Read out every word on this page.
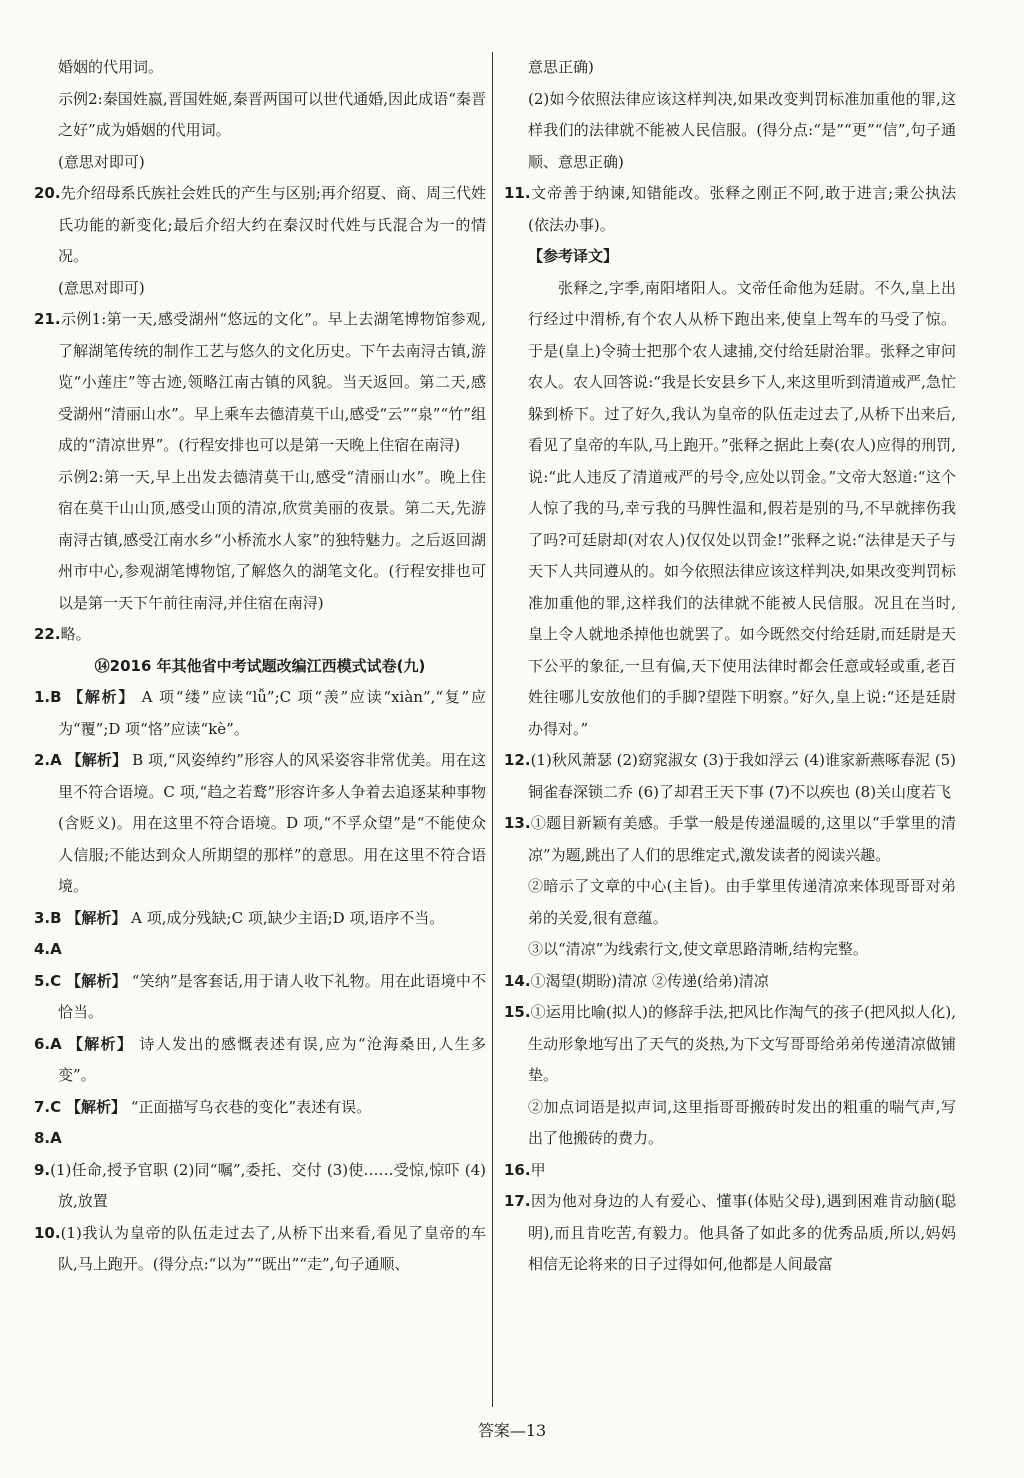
婚姻的代用词。

示例2:秦国姓嬴,晋国姓姬,秦晋两国可以世代通婚,因此成语“秦晋之好”成为婚姻的代用词。

(意思对即可)

20.先介绍母系氏族社会姓氏的产生与区别;再介绍夏、商、周三代姓氏功能的新变化;最后介绍大约在秦汉时代姓与氏混合为一的情况。

(意思对即可)

21.示例1:第一天,感受湖州“悠远的文化”。早上去湖笔博物馆参观,了解湖笔传统的制作工艺与悠久的文化历史。下午去南浔古镇,游览“小莲庄”等古迹,领略江南古镇的风貌。当天返回。第二天,感受湖州“清丽山水”。早上乘车去德清莫干山,感受“云”“泉”“竹”组成的“清凉世界”。(行程安排也可以是第一天晚上住宿在南浔)

示例2:第一天,早上出发去德清莫干山,感受“清丽山水”。晚上住宿在莫干山山顶,感受山顶的清凉,欣赏美丽的夜景。第二天,先游南浔古镇,感受江南水乡“小桥流水人家”的独特魅力。之后返回湖州市中心,参观湖笔博物馆,了解悠久的湖笔文化。(行程安排也可以是第一天下午前往南浔,并住宿在南浔)

22.略。

⑭2016 年其他省中考试题改编江西模式试卷(九)

1.B 【解析】 A 项“缕”应读“lǚ”;C 项“羡”应读“xiàn”,“复”应为“覆”;D 项“恪”应读“kè”。

2.A 【解析】 B 项,“风姿绰约”形容人的风采姿容非常优美。用在这里不符合语境。C 项,“趋之若鹜”形容许多人争着去追逐某种事物(含贬义)。用在这里不符合语境。D 项,“不孚众望”是“不能使众人信服;不能达到众人所期望的那样”的意思。用在这里不符合语境。

3.B 【解析】 A 项,成分残缺;C 项,缺少主语;D 项,语序不当。

4.A

5.C 【解析】 “笑纳”是客套话,用于请人收下礼物。用在此语境中不恰当。

6.A 【解析】 诗人发出的感慨表述有误,应为“沧海桑田,人生多变”。

7.C 【解析】 “正面描写乌衣巷的变化”表述有误。

8.A

9.(1)任命,授予官职 (2)同“嘱”,委托、交付 (3)使……受惊,惊吓 (4)放,放置

10.(1)我认为皇帝的队伍走过去了,从桥下出来看,看见了皇帝的车队,马上跑开。(得分点:“以为”“既出”“走”,句子通顺、

意思正确)

(2)如今依照法律应该这样判决,如果改变判罚标准加重他的罪,这样我们的法律就不能被人民信服。(得分点:“是”“更”“信”,句子通顺、意思正确)

11.文帝善于纳谏,知错能改。张释之刚正不阿,敢于进言;秉公执法(依法办事)。

【参考译文】

张释之,字季,南阳堵阳人。文帝任命他为廷尉。不久,皇上出行经过中渭桥,有个农人从桥下跑出来,使皇上驾车的马受了惊。于是(皇上)令骑士把那个农人逮捕,交付给廷尉治罪。张释之审问农人。农人回答说:“我是长安县乡下人,来这里听到清道戒严,急忙躲到桥下。过了好久,我认为皇帝的队伍走过去了,从桥下出来后,看见了皇帝的车队,马上跑开。”张释之据此上奏(农人)应得的刑罚,说:“此人违反了清道戒严的号令,应处以罚金。”文帝大怒道:“这个人惊了我的马,幸亏我的马脾性温和,假若是别的马,不早就摔伤我了吗?可廷尉却(对农人)仅仅处以罚金!”张释之说:“法律是天子与天下人共同遵从的。如今依照法律应该这样判决,如果改变判罚标准加重他的罪,这样我们的法律就不能被人民信服。况且在当时,皇上令人就地杀掉他也就罢了。如今既然交付给廷尉,而廷尉是天下公平的象征,一旦有偏,天下使用法律时都会任意或轻或重,老百姓往哪儿安放他们的手脚?望陛下明察。”好久,皇上说:“还是廷尉办得对。”

12.(1)秋风萧瑟 (2)窈窕淑女 (3)于我如浮云 (4)谁家新燕啄春泥 (5)铜雀春深锁二乔 (6)了却君王天下事 (7)不以疾也 (8)关山度若飞

13.①题目新颖有美感。手掌一般是传递温暖的,这里以“手掌里的清凉”为题,跳出了人们的思维定式,激发读者的阅读兴趣。

②暗示了文章的中心(主旨)。由手掌里传递清凉来体现哥哥对弟弟的关爱,很有意蕴。

③以“清凉”为线索行文,使文章思路清晰,结构完整。

14.①渴望(期盼)清凉 ②传递(给弟)清凉

15.①运用比喻(拟人)的修辞手法,把风比作淘气的孩子(把风拟人化),生动形象地写出了天气的炎热,为下文写哥哥给弟弟传递清凉做铺垫。

②加点词语是拟声词,这里指哥哥搬砖时发出的粗重的喘气声,写出了他搬砖的费力。

16.甲

17.因为他对身边的人有爱心、懂事(体贴父母),遇到困难肯动脑(聪明),而且肯吃苦,有毅力。他具备了如此多的优秀品质,所以,妈妈相信无论将来的日子过得如何,他都是人间最富

答案—13
